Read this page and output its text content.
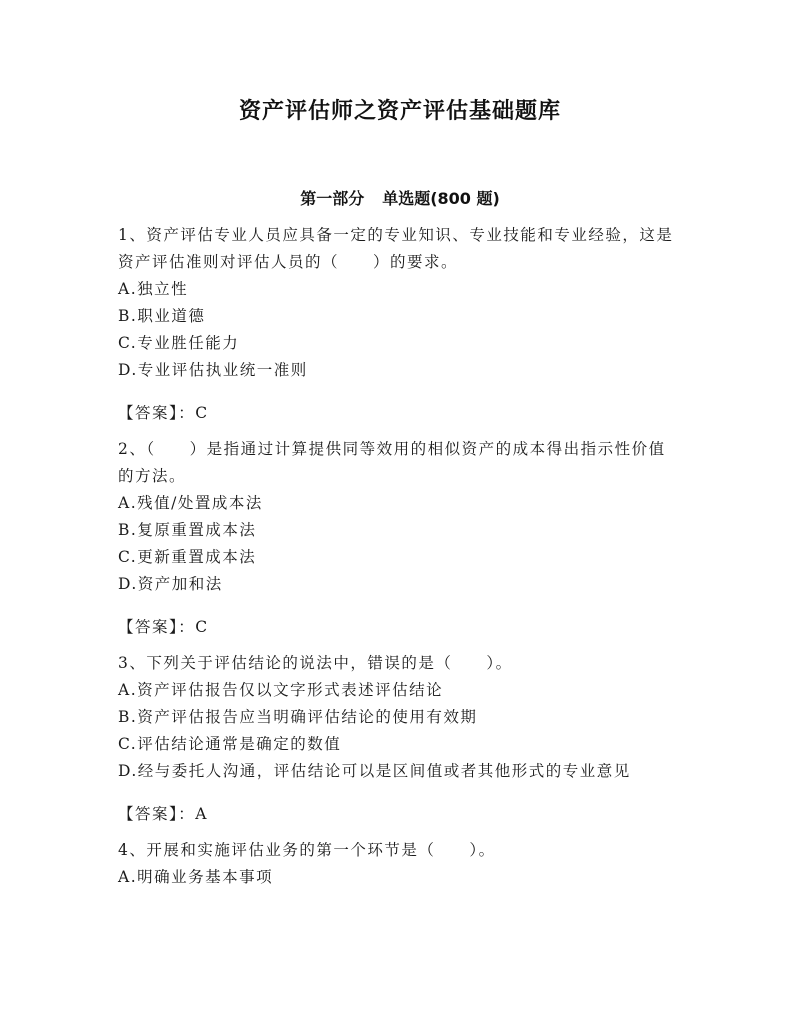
资产评估师之资产评估基础题库
第一部分 单选题(800 题)
1、资产评估专业人员应具备一定的专业知识、专业技能和专业经验，这是资产评估准则对评估人员的（　　）的要求。
A.独立性
B.职业道德
C.专业胜任能力
D.专业评估执业统一准则
【答案】：C
2、（　　）是指通过计算提供同等效用的相似资产的成本得出指示性价值的方法。
A.残值/处置成本法
B.复原重置成本法
C.更新重置成本法
D.资产加和法
【答案】：C
3、下列关于评估结论的说法中，错误的是（　　）。
A.资产评估报告仅以文字形式表述评估结论
B.资产评估报告应当明确评估结论的使用有效期
C.评估结论通常是确定的数值
D.经与委托人沟通，评估结论可以是区间值或者其他形式的专业意见
【答案】：A
4、开展和实施评估业务的第一个环节是（　　）。
A.明确业务基本事项
